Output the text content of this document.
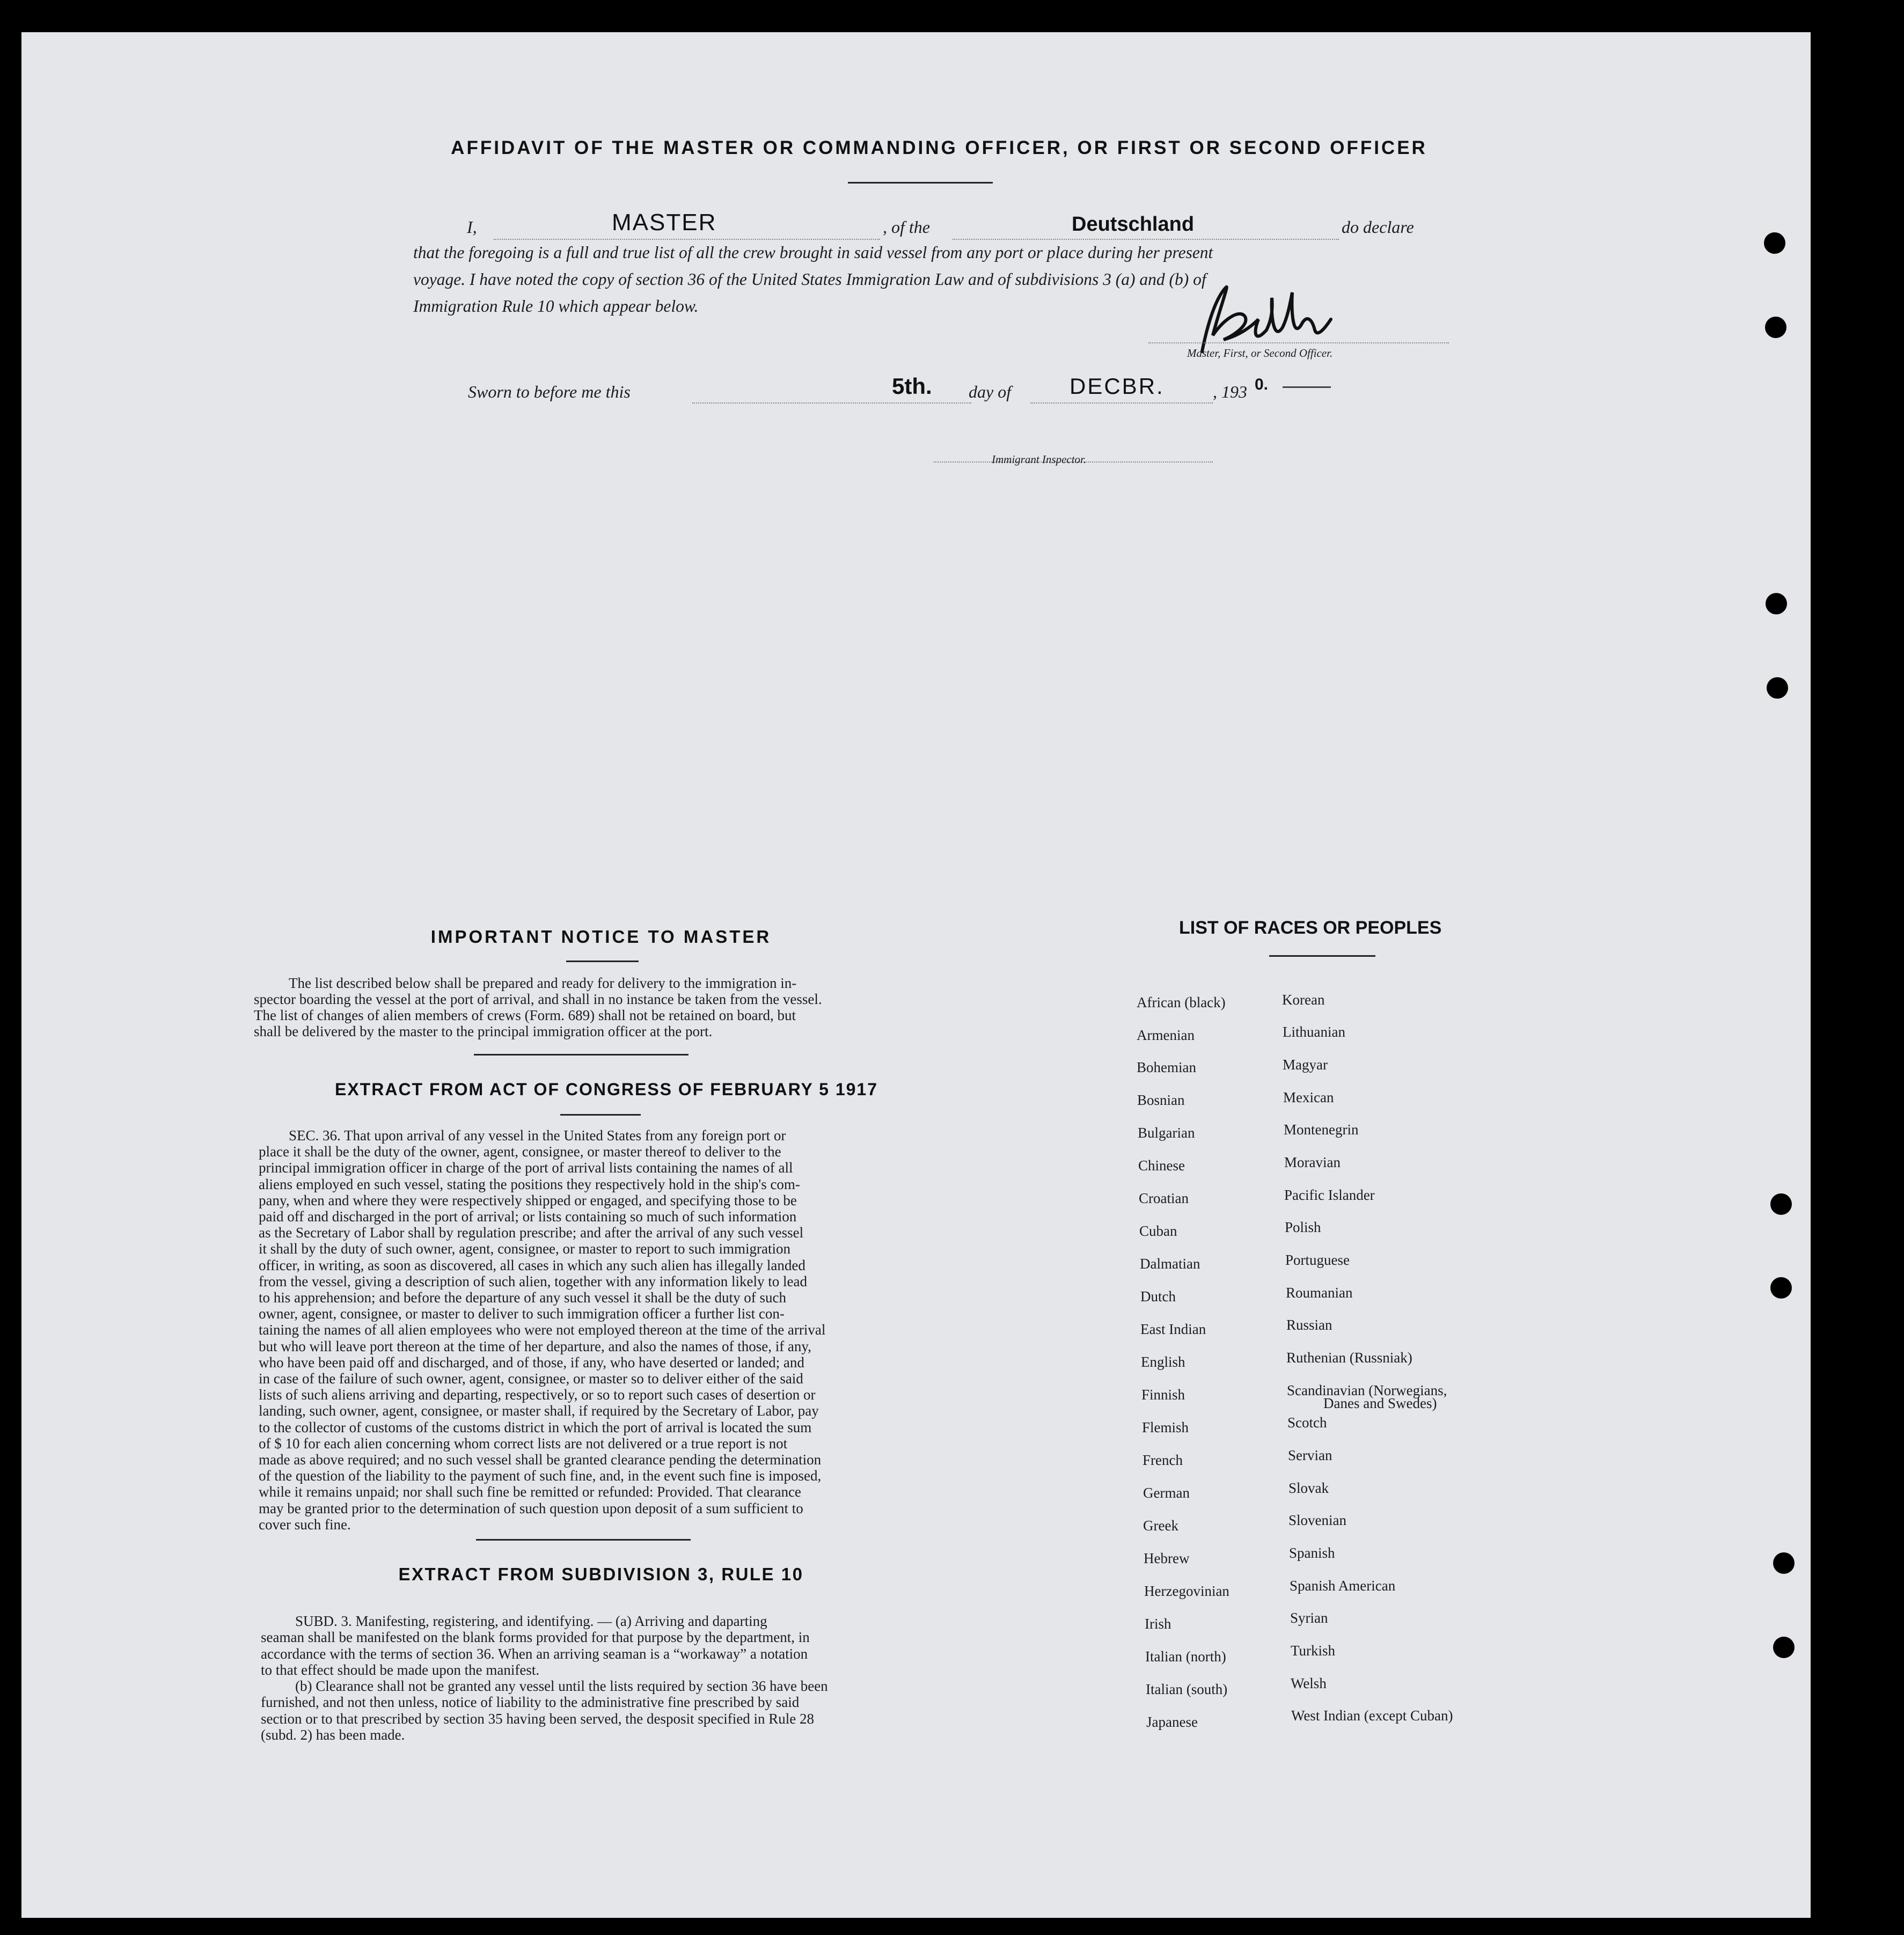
AFFIDAVIT OF THE MASTER OR COMMANDING OFFICER, OR FIRST OR SECOND OFFICER
I,	MASTER	, of the	Deutschland	do declare
that the foregoing is a full and true list of all the crew brought in said vessel from any port or place during her present
voyage. I have noted the copy of section 36 of the United States Immigration Law and of subdivisions 3 (a) and (b) of
Immigration Rule 10 which appear below.
Master, First, or Second Officer.
Sworn to before me this	5th. day of	DECBR.	, 193 0.
Immigrant Inspector.
IMPORTANT NOTICE TO MASTER
The list described below shall be prepared and ready for delivery to the immigration in-
spector boarding the vessel at the port of arrival, and shall in no instance be taken from the vessel.
The list of changes of alien members of crews (Form. 689) shall not be retained on board, but
shall be delivered by the master to the principal immigration officer at the port.
EXTRACT FROM ACT OF CONGRESS OF FEBRUARY 5 1917
SEC. 36. That upon arrival of any vessel in the United States from any foreign port or
place it shall be the duty of the owner, agent, consignee, or master thereof to deliver to the
principal immigration officer in charge of the port of arrival lists containing the names of all
aliens employed en such vessel, stating the positions they respectively hold in the ship's com-
pany, when and where they were respectively shipped or engaged, and specifying those to be
paid off and discharged in the port of arrival; or lists containing so much of such information
as the Secretary of Labor shall by regulation prescribe; and after the arrival of any such vessel
it shall by the duty of such owner, agent, consignee, or master to report to such immigration
officer, in writing, as soon as discovered, all cases in which any such alien has illegally landed
from the vessel, giving a description of such alien, together with any information likely to lead
to his apprehension; and before the departure of any such vessel it shall be the duty of such
owner, agent, consignee, or master to deliver to such immigration officer a further list con-
taining the names of all alien employees who were not employed thereon at the time of the arrival
but who will leave port thereon at the time of her departure, and also the names of those, if any,
who have been paid off and discharged, and of those, if any, who have deserted or landed; and
in case of the failure of such owner, agent, consignee, or master so to deliver either of the said
lists of such aliens arriving and departing, respectively, or so to report such cases of desertion or
landing, such owner, agent, consignee, or master shall, if required by the Secretary of Labor, pay
to the collector of customs of the customs district in which the port of arrival is located the sum
of $ 10 for each alien concerning whom correct lists are not delivered or a true report is not
made as above required; and no such vessel shall be granted clearance pending the determination
of the question of the liability to the payment of such fine, and, in the event such fine is imposed,
while it remains unpaid; nor shall such fine be remitted or refunded: Provided. That clearance
may be granted prior to the determination of such question upon deposit of a sum sufficient to
cover such fine.
EXTRACT FROM SUBDIVISION 3, RULE 10
SUBD. 3. Manifesting, registering, and identifying. — (a) Arriving and daparting
seaman shall be manifested on the blank forms provided for that purpose by the department, in
accordance with the terms of section 36. When an arriving seaman is a “workaway” a notation
to that effect should be made upon the manifest.
(b) Clearance shall not be granted any vessel until the lists required by section 36 have been
furnished, and not then unless, notice of liability to the administrative fine prescribed by said
section or to that prescribed by section 35 having been served, the desposit specified in Rule 28
(subd. 2) has been made.
LIST OF RACES OR PEOPLES
Danes and Swedes)
African (black)
Armenian
Bohemian
Bosnian
Bulgarian
Chinese
Croatian
Cuban
Dalmatian
Dutch
East Indian
English
Finnish
Flemish
French
German
Greek
Hebrew
Herzegovinian
Irish
Italian (north)
Italian (south)
Japanese
Korean
Lithuanian
Magyar
Mexican
Montenegrin
Moravian
Pacific Islander
Polish
Portuguese
Roumanian
Russian
Ruthenian (Russniak)
Scandinavian (Norwegians,
Scotch
Servian
Slovak
Slovenian
Spanish
Spanish American
Syrian
Turkish
Welsh
West Indian (except Cuban)
